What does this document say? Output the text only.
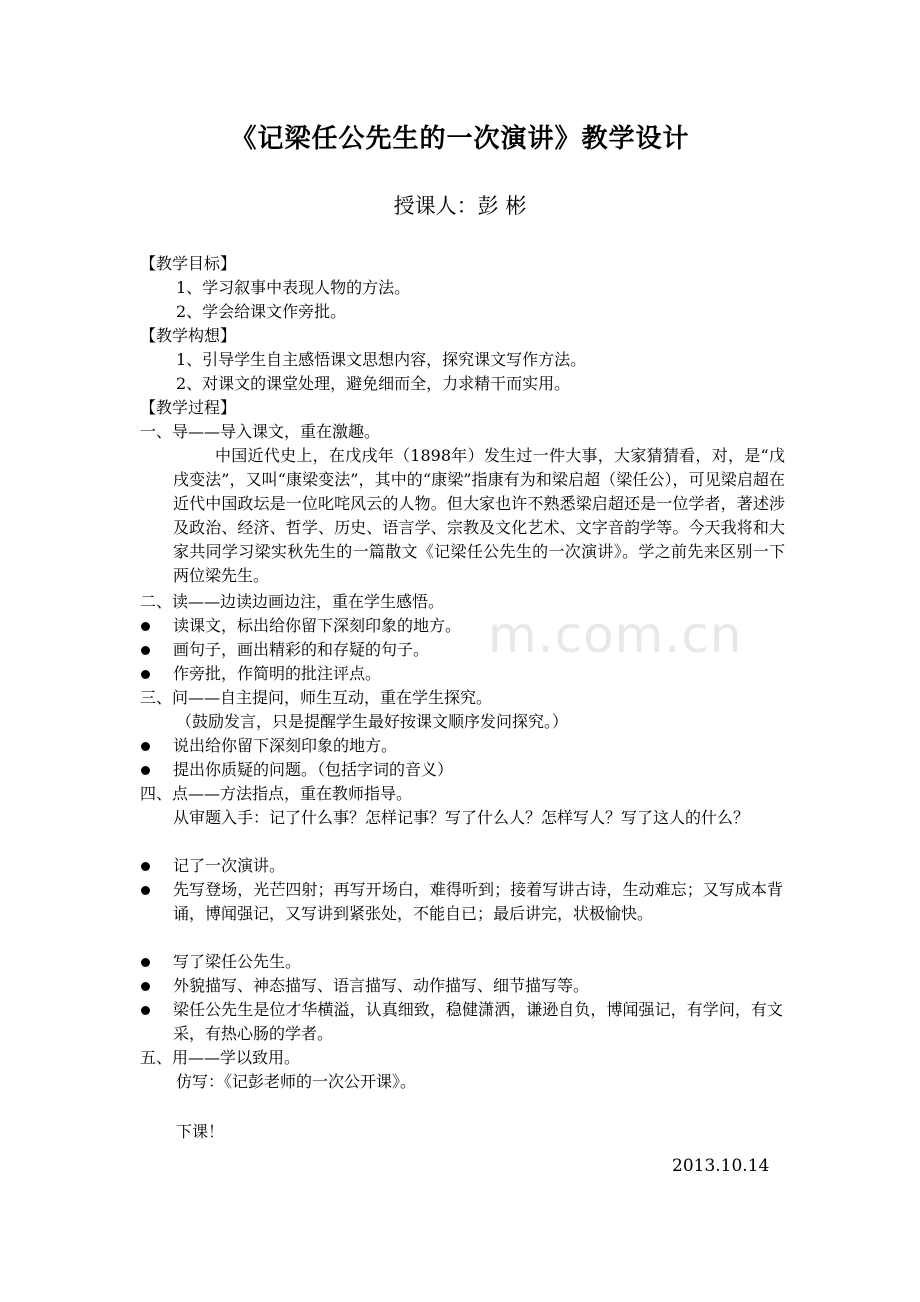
m.com.cn
《记梁任公先生的一次演讲》教学设计
授课人：彭 彬
【教学目标】
1、学习叙事中表现人物的方法。
2、学会给课文作旁批。
【教学构想】
1、引导学生自主感悟课文思想内容，探究课文写作方法。
2、对课文的课堂处理，避免细而全，力求精干而实用。
【教学过程】
一、导——导入课文，重在激趣。
中国近代史上，在戊戌年（1898年）发生过一件大事，大家猜猜看，对，是“戊戌变法”，又叫“康梁变法”，其中的“康梁”指康有为和梁启超（梁任公），可见梁启超在近代中国政坛是一位叱咤风云的人物。但大家也许不熟悉梁启超还是一位学者，著述涉及政治、经济、哲学、历史、语言学、宗教及文化艺术、文字音韵学等。今天我将和大家共同学习梁实秋先生的一篇散文《记梁任公先生的一次演讲》。学之前先来区别一下两位梁先生。
二、读——边读边画边注，重在学生感悟。
读课文，标出给你留下深刻印象的地方。
画句子，画出精彩的和存疑的句子。
作旁批，作简明的批注评点。
三、问——自主提问，师生互动，重在学生探究。
（鼓励发言，只是提醒学生最好按课文顺序发问探究。）
说出给你留下深刻印象的地方。
提出你质疑的问题。（包括字词的音义）
四、点——方法指点，重在教师指导。
从审题入手：记了什么事？怎样记事？写了什么人？怎样写人？写了这人的什么？
记了一次演讲。
先写登场，光芒四射；再写开场白，难得听到；接着写讲古诗，生动难忘；又写成本背诵，博闻强记，又写讲到紧张处，不能自已；最后讲完，状极愉快。
写了梁任公先生。
外貌描写、神态描写、语言描写、动作描写、细节描写等。
梁任公先生是位才华横溢，认真细致，稳健潇洒，谦逊自负，博闻强记，有学问，有文采，有热心肠的学者。
五、用——学以致用。
仿写：《记彭老师的一次公开课》。
下课！
2013.10.14
